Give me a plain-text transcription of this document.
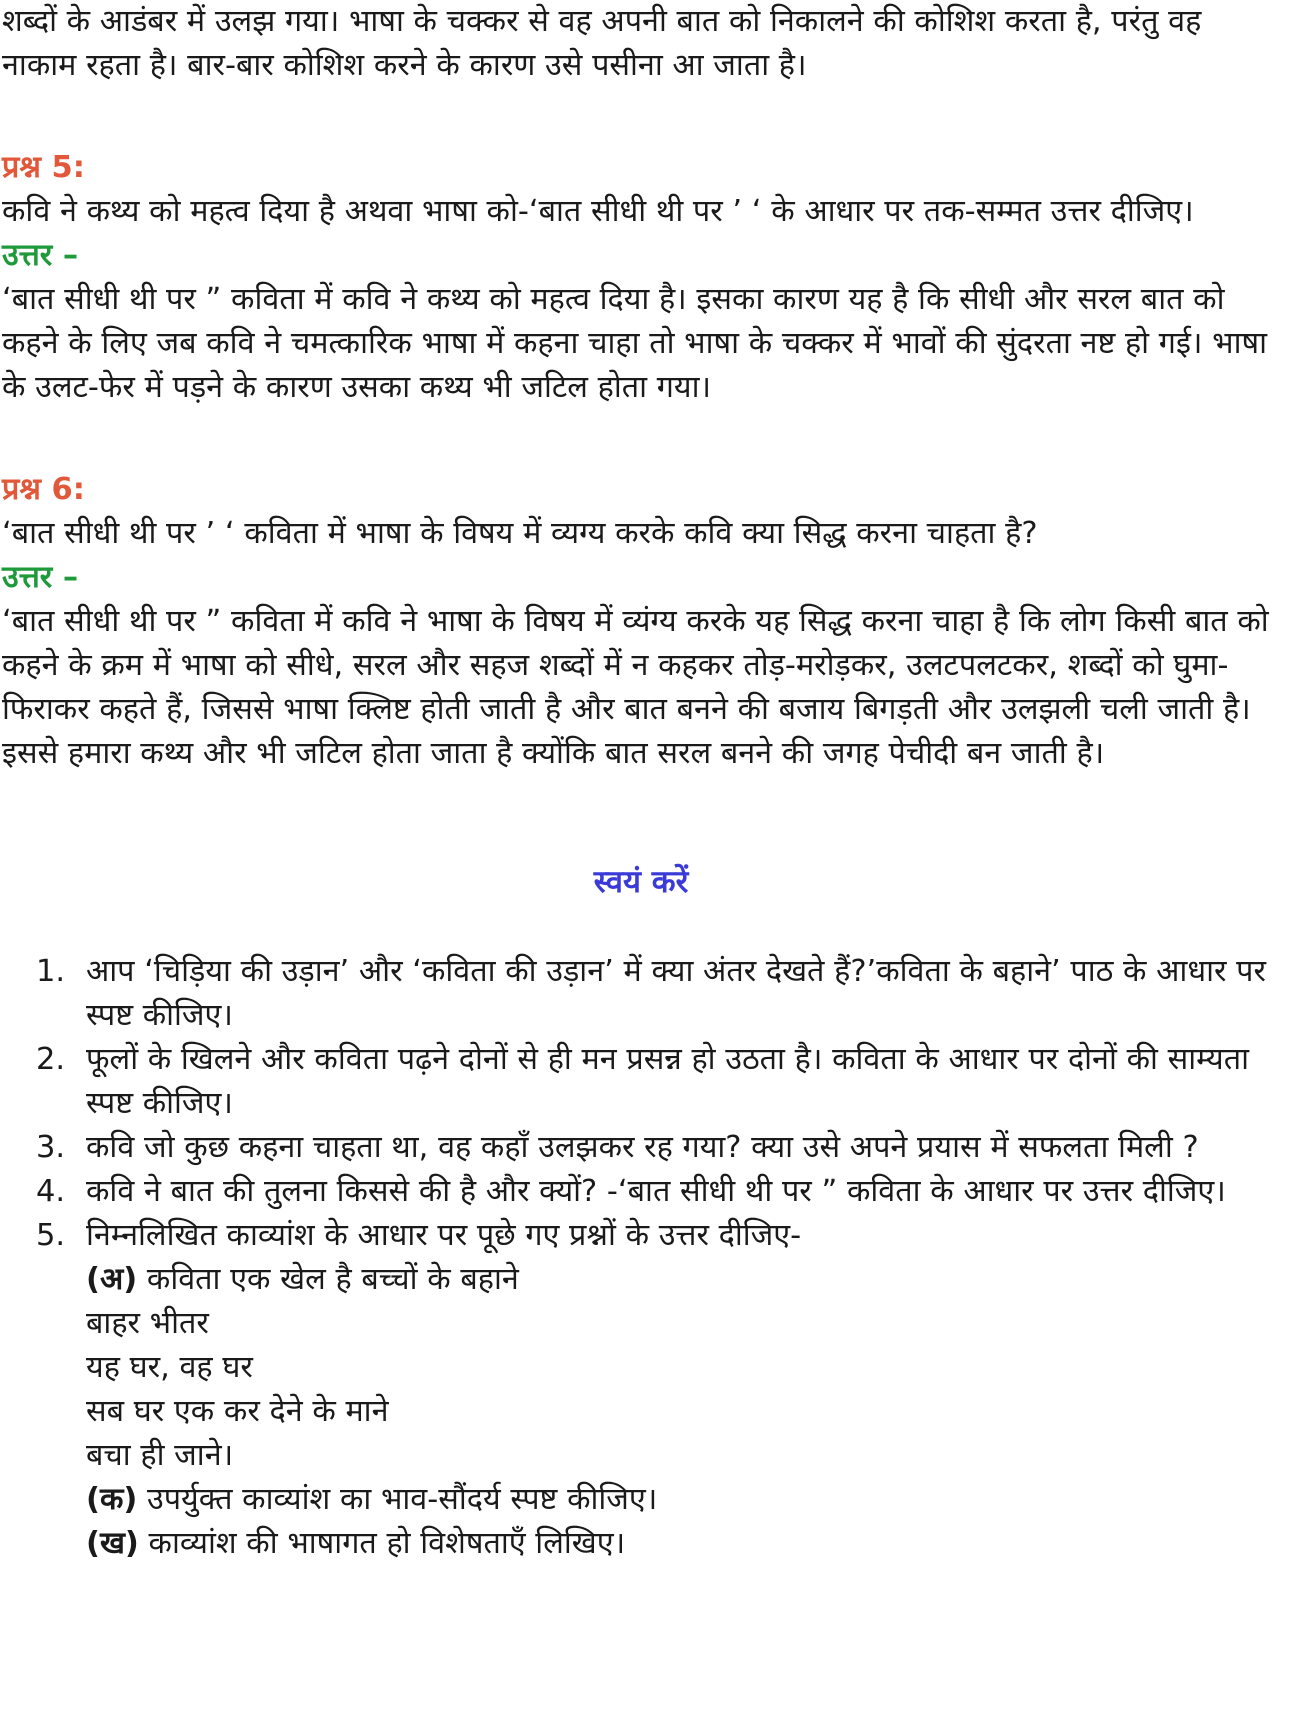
शब्दों के आडंबर में उलझ गया। भाषा के चक्कर से वह अपनी बात को निकालने की कोशिश करता है, परंतु वह नाकाम रहता है। बार-बार कोशिश करने के कारण उसे पसीना आ जाता है।

प्रश्न 5:

कवि ने कथ्य को महत्व दिया है अथवा भाषा को-‘बात सीधी थी पर ’ ‘ के आधार पर तक-सम्मत उत्तर दीजिए।

उत्तर –

‘बात सीधी थी पर ” कविता में कवि ने कथ्य को महत्व दिया है। इसका कारण यह है कि सीधी और सरल बात को कहने के लिए जब कवि ने चमत्कारिक भाषा में कहना चाहा तो भाषा के चक्कर में भावों की सुंदरता नष्ट हो गई। भाषा के उलट-फेर में पड़ने के कारण उसका कथ्य भी जटिल होता गया।

प्रश्न 6:

‘बात सीधी थी पर ’ ‘ कविता में भाषा के विषय में व्यग्य करके कवि क्या सिद्ध करना चाहता है?

उत्तर –

‘बात सीधी थी पर ” कविता में कवि ने भाषा के विषय में व्यंग्य करके यह सिद्ध करना चाहा है कि लोग किसी बात को कहने के क्रम में भाषा को सीधे, सरल और सहज शब्दों में न कहकर तोड़-मरोड़कर, उलटपलटकर, शब्दों को घुमा-फिराकर कहते हैं, जिससे भाषा क्लिष्ट होती जाती है और बात बनने की बजाय बिगड़ती और उलझली चली जाती है। इससे हमारा कथ्य और भी जटिल होता जाता है क्योंकि बात सरल बनने की जगह पेचीदी बन जाती है।

स्वयं करें

1. आप ‘चिड़िया की उड़ान’ और ‘कविता की उड़ान’ में क्या अंतर देखते हैं?’कविता के बहाने’ पाठ के आधार पर स्पष्ट कीजिए।
2. फूलों के खिलने और कविता पढ़ने दोनों से ही मन प्रसन्न हो उठता है। कविता के आधार पर दोनों की साम्यता स्पष्ट कीजिए।
3. कवि जो कुछ कहना चाहता था, वह कहाँ उलझकर रह गया? क्या उसे अपने प्रयास में सफलता मिली ?
4. कवि ने बात की तुलना किससे की है और क्यों? -‘बात सीधी थी पर ” कविता के आधार पर उत्तर दीजिए।
5. निम्नलिखित काव्यांश के आधार पर पूछे गए प्रश्नों के उत्तर दीजिए-

(अ) कविता एक खेल है बच्चों के बहाने

बाहर भीतर

यह घर, वह घर

सब घर एक कर देने के माने

बचा ही जाने।

(क) उपर्युक्त काव्यांश का भाव-सौंदर्य स्पष्ट कीजिए।

(ख) काव्यांश की भाषागत हो विशेषताएँ लिखिए।
